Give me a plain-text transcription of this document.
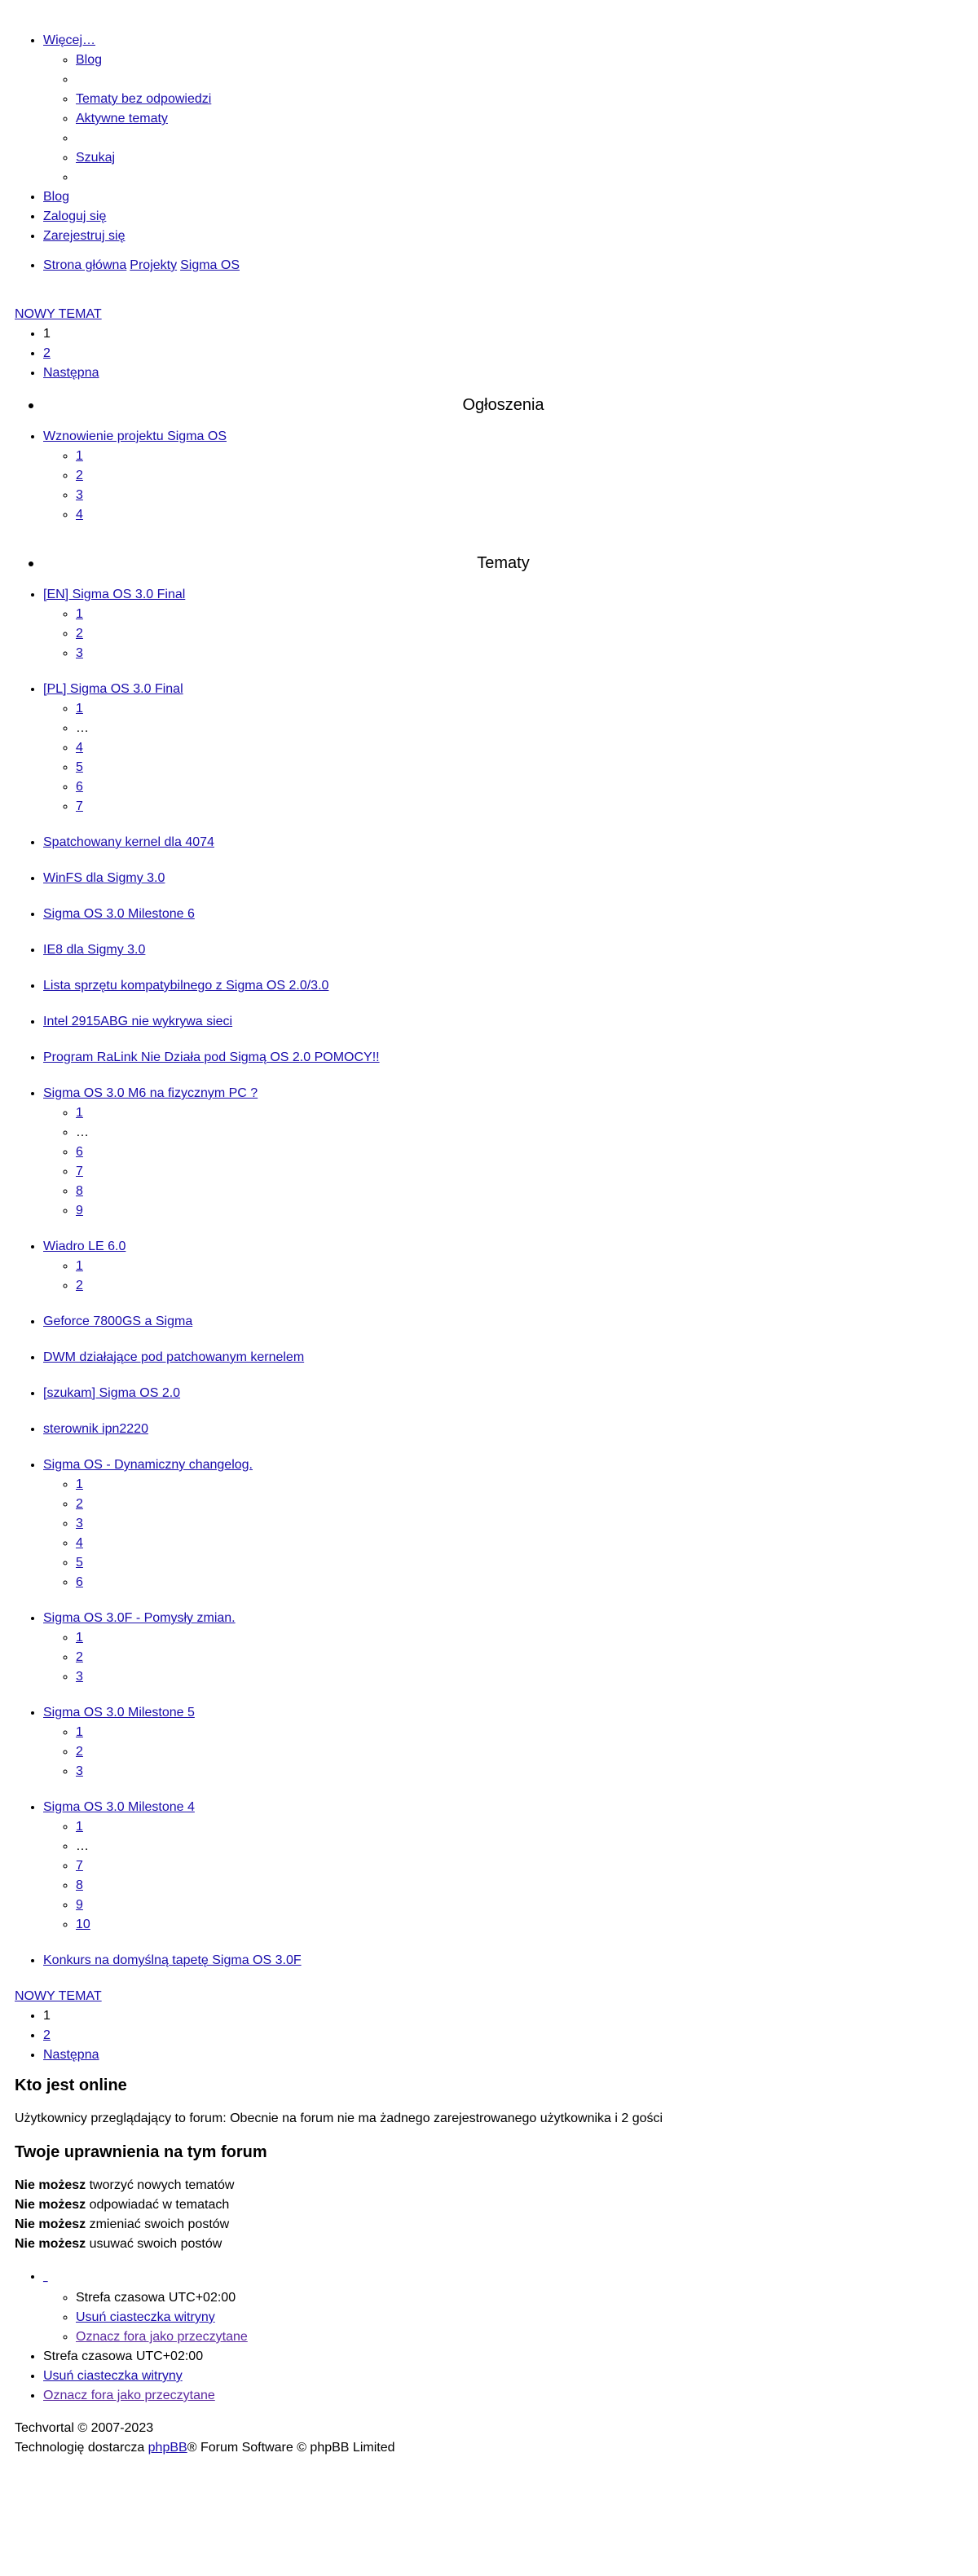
• Więcej…
◦ Blog
◦
◦ Tematy bez odpowiedzi
◦ Aktywne tematy
◦
◦ Szukaj
◦
• Blog
• Zaloguj się
• Zarejestruj się
• Strona główna Projekty Sigma OS
NOWY TEMAT
• 1
• 2
• Następna
• Ogłoszenia
• Wznowienie projektu Sigma OS
◦ 1
◦ 2
◦ 3
◦ 4
• Tematy
• [EN] Sigma OS 3.0 Final
◦ 1
◦ 2
◦ 3
• [PL] Sigma OS 3.0 Final
◦ 1
◦ …
◦ 4
◦ 5
◦ 6
◦ 7
• Spatchowany kernel dla 4074
• WinFS dla Sigmy 3.0
• Sigma OS 3.0 Milestone 6
• IE8 dla Sigmy 3.0
• Lista sprzętu kompatybilnego z Sigma OS 2.0/3.0
• Intel 2915ABG nie wykrywa sieci
• Program RaLink Nie Działa pod Sigmą OS 2.0 POMOCY!!
• Sigma OS 3.0 M6 na fizycznym PC ?
◦ 1
◦ …
◦ 6
◦ 7
◦ 8
◦ 9
• Wiadro LE 6.0
◦ 1
◦ 2
• Geforce 7800GS a Sigma
• DWM działające pod patchowanym kernelem
• [szukam] Sigma OS 2.0
• sterownik ipn2220
• Sigma OS - Dynamiczny changelog.
◦ 1
◦ 2
◦ 3
◦ 4
◦ 5
◦ 6
• Sigma OS 3.0F - Pomysły zmian.
◦ 1
◦ 2
◦ 3
• Sigma OS 3.0 Milestone 5
◦ 1
◦ 2
◦ 3
• Sigma OS 3.0 Milestone 4
◦ 1
◦ …
◦ 7
◦ 8
◦ 9
◦ 10
• Konkurs na domyślną tapetę Sigma OS 3.0F
NOWY TEMAT
• 1
• 2
• Następna
Kto jest online

Użytkownicy przeglądający to forum: Obecnie na forum nie ma żadnego zarejestrowanego użytkownika i 2 gości

Twoje uprawnienia na tym forum
Nie możesz tworzyć nowych tematów
Nie możesz odpowiadać w tematach
Nie możesz zmieniać swoich postów
Nie możesz usuwać swoich postów
• _
◦ Strefa czasowa UTC+02:00
◦ Usuń ciasteczka witryny
◦ Oznacz fora jako przeczytane
• Strefa czasowa UTC+02:00
• Usuń ciasteczka witryny
• Oznacz fora jako przeczytane

Techvortal © 2007-2023

Technologię dostarcza phpBB® Forum Software © phpBB Limited
